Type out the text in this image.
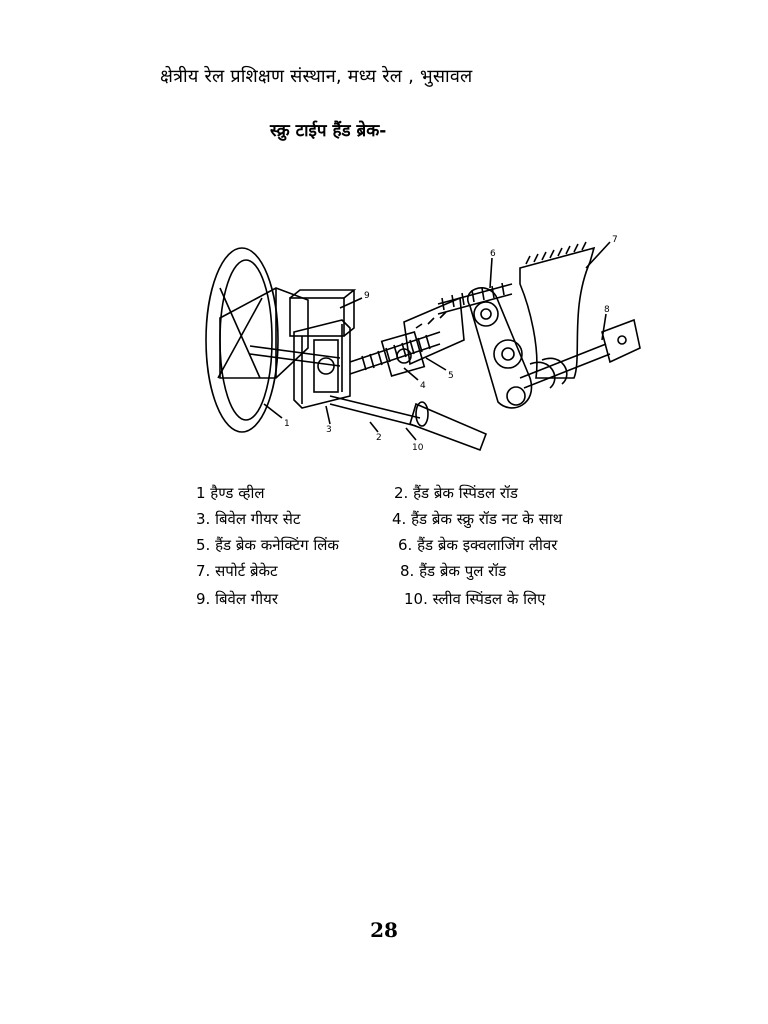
क्षेत्रीय रेल प्रशिक्षण संस्थान, मध्य रेल , भुसावल
स्क्रु टाईप हैंड ब्रेक-
1
2
3
4
5
6
7
8
9
10
1 हैण्ड व्हील	2. हैंड ब्रेक स्पिंडल रॉड
3. बिवेल गीयर सेट	4. हैंड ब्रेक स्क्रु रॉड नट के साथ
5. हैंड ब्रेक कनेक्टिंग लिंक	6. हैंड ब्रेक इक्वलाजिंग लीवर
7. सपोर्ट ब्रेकेट	8. हैंड ब्रेक पुल रॉड
9. बिवेल गीयर	10. स्लीव स्पिंडल के लिए
28
